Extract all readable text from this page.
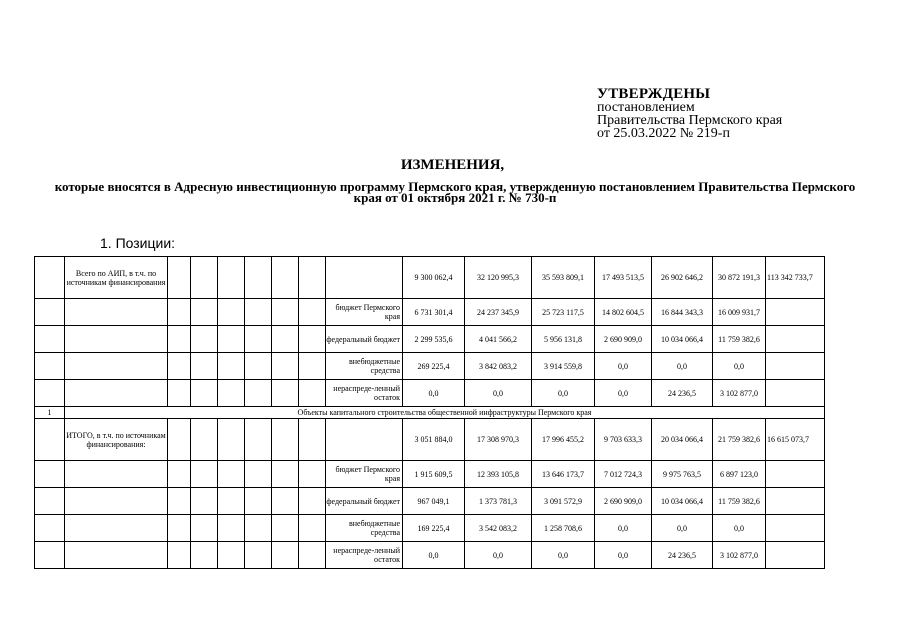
УТВЕРЖДЕНЫ
постановлением
Правительства Пермского края
от 25.03.2022 № 219-п
ИЗМЕНЕНИЯ,
которые вносятся в Адресную инвестиционную программу Пермского края, утвержденную постановлением Правительства Пермского края от 01 октября 2021 г. № 730-п
1. Позиции:
	Всего по АИП, в т.ч. по источникам финансирования								9 300 062,4	32 120 995,3	35 593 809,1	17 493 513,5	26 902 646,2	30 872 191,3	113 342 733,7
								бюджет Пермского края	6 731 301,4	24 237 345,9	25 723 117,5	14 802 604,5	16 844 343,3	16 009 931,7	
								федеральный бюджет	2 299 535,6	4 041 566,2	5 956 131,8	2 690 909,0	10 034 066,4	11 759 382,6	
								внебюджетные средства	269 225,4	3 842 083,2	3 914 559,8	0,0	0,0	0,0	
								нераспреде-ленный остаток	0,0	0,0	0,0	0,0	24 236,5	3 102 877,0	
1	Объекты капитального строительства общественной инфраструктуры Пермского края														
	ИТОГО, в т.ч. по источникам финансирования:								3 051 884,0	17 308 970,3	17 996 455,2	9 703 633,3	20 034 066,4	21 759 382,6	16 615 073,7
								бюджет Пермского края	1 915 609,5	12 393 105,8	13 646 173,7	7 012 724,3	9 975 763,5	6 897 123,0	
								федеральный бюджет	967 049,1	1 373 781,3	3 091 572,9	2 690 909,0	10 034 066,4	11 759 382,6	
								внебюджетные средства	169 225,4	3 542 083,2	1 258 708,6	0,0	0,0	0,0	
								нераспреде-ленный остаток	0,0	0,0	0,0	0,0	24 236,5	3 102 877,0	
